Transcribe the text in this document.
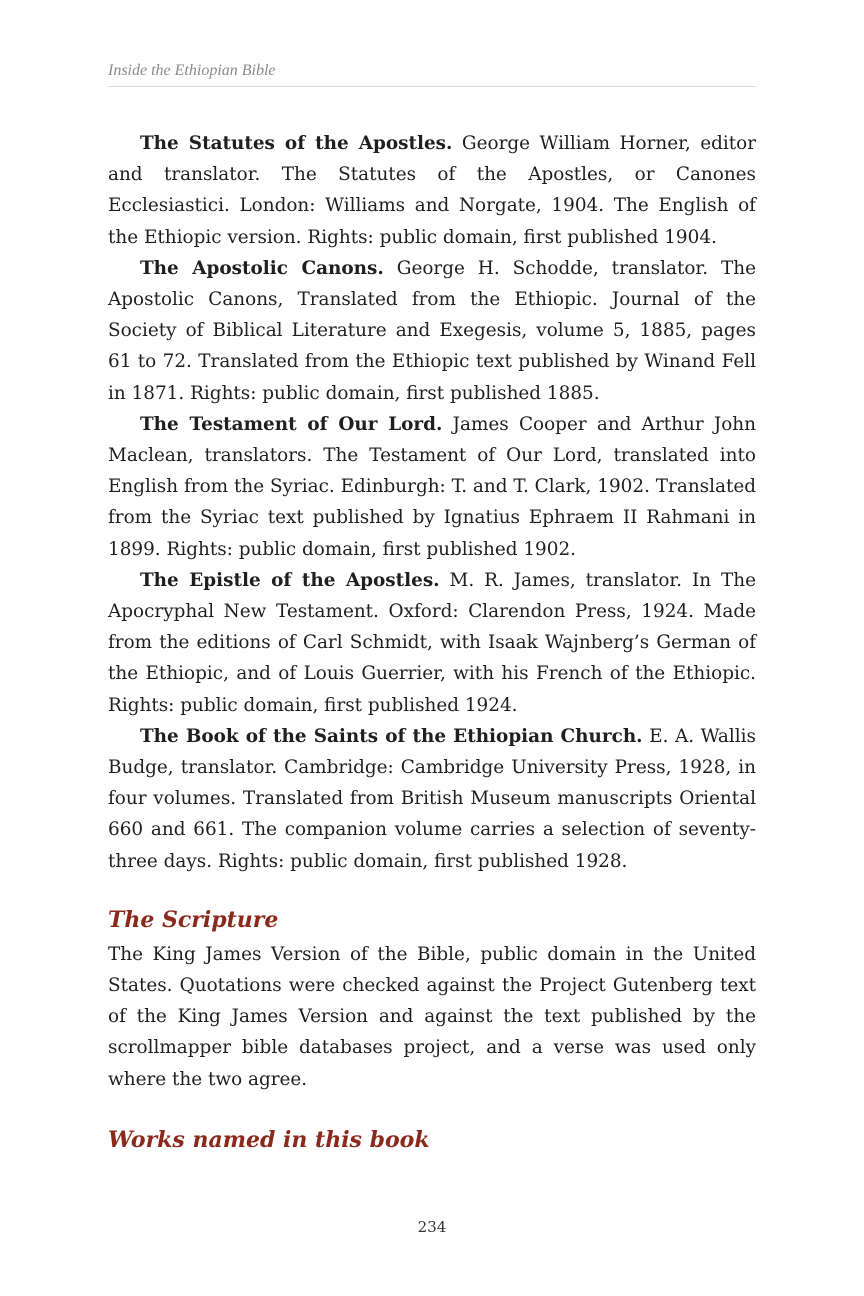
Inside the Ethiopian Bible

The Statutes of the Apostles. George William Horner, editor and translator. The Statutes of the Apostles, or Canones Ecclesiastici. London: Williams and Norgate, 1904. The English of the Ethiopic version. Rights: public domain, first published 1904.

The Apostolic Canons. George H. Schodde, translator. The Apostolic Canons, Translated from the Ethiopic. Journal of the Society of Biblical Literature and Exegesis, volume 5, 1885, pages 61 to 72. Translated from the Ethiopic text published by Winand Fell in 1871. Rights: public domain, first published 1885.

The Testament of Our Lord. James Cooper and Arthur John Maclean, translators. The Testament of Our Lord, translated into English from the Syriac. Edinburgh: T. and T. Clark, 1902. Translated from the Syriac text published by Ignatius Ephraem II Rahmani in 1899. Rights: public domain, first published 1902.

The Epistle of the Apostles. M. R. James, translator. In The Apocryphal New Testament. Oxford: Clarendon Press, 1924. Made from the editions of Carl Schmidt, with Isaak Wajnberg’s German of the Ethiopic, and of Louis Guerrier, with his French of the Ethiopic. Rights: public domain, first published 1924.

The Book of the Saints of the Ethiopian Church. E. A. Wallis Budge, translator. Cambridge: Cambridge University Press, 1928, in four volumes. Translated from British Museum manuscripts Oriental 660 and 661. The companion volume carries a selection of seventy-three days. Rights: public domain, first published 1928.

The Scripture

The King James Version of the Bible, public domain in the United States. Quotations were checked against the Project Gutenberg text of the King James Version and against the text published by the scrollmapper bible databases project, and a verse was used only where the two agree.

Works named in this book
234
